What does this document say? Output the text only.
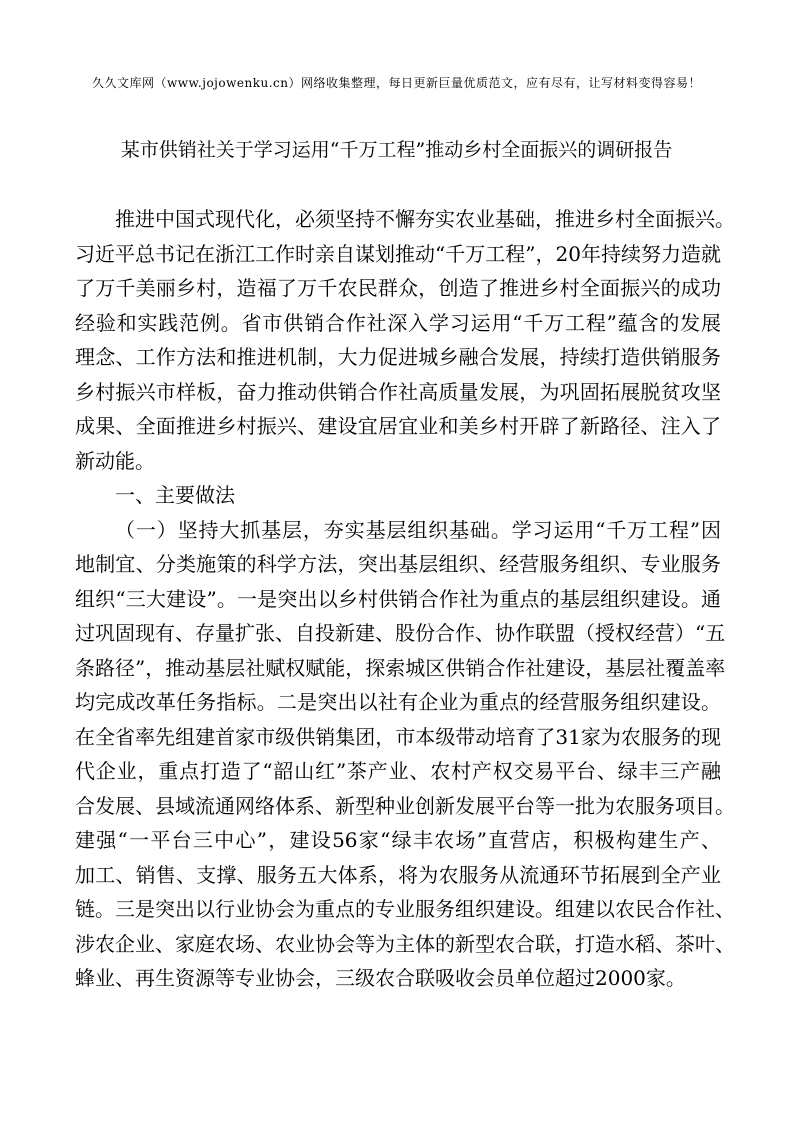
久久文库网（www.jojowenku.cn）网络收集整理，每日更新巨量优质范文，应有尽有，让写材料变得容易！
某市供销社关于学习运用“千万工程”推动乡村全面振兴的调研报告
推进中国式现代化，必须坚持不懈夯实农业基础，推进乡村全面振兴。
习近平总书记在浙江工作时亲自谋划推动“千万工程”，20年持续努力造就
了万千美丽乡村，造福了万千农民群众，创造了推进乡村全面振兴的成功
经验和实践范例。省市供销合作社深入学习运用“千万工程”蕴含的发展
理念、工作方法和推进机制，大力促进城乡融合发展，持续打造供销服务
乡村振兴市样板，奋力推动供销合作社高质量发展，为巩固拓展脱贫攻坚
成果、全面推进乡村振兴、建设宜居宜业和美乡村开辟了新路径、注入了
新动能。
一、主要做法
（一）坚持大抓基层，夯实基层组织基础。学习运用“千万工程”因
地制宜、分类施策的科学方法，突出基层组织、经营服务组织、专业服务
组织“三大建设”。一是突出以乡村供销合作社为重点的基层组织建设。通
过巩固现有、存量扩张、自投新建、股份合作、协作联盟（授权经营）“五
条路径”，推动基层社赋权赋能，探索城区供销合作社建设，基层社覆盖率
均完成改革任务指标。二是突出以社有企业为重点的经营服务组织建设。
在全省率先组建首家市级供销集团，市本级带动培育了31家为农服务的现
代企业，重点打造了“韶山红”茶产业、农村产权交易平台、绿丰三产融
合发展、县域流通网络体系、新型种业创新发展平台等一批为农服务项目。
建强“一平台三中心”，建设56家“绿丰农场”直营店，积极构建生产、
加工、销售、支撑、服务五大体系，将为农服务从流通环节拓展到全产业
链。三是突出以行业协会为重点的专业服务组织建设。组建以农民合作社、
涉农企业、家庭农场、农业协会等为主体的新型农合联，打造水稻、茶叶、
蜂业、再生资源等专业协会，三级农合联吸收会员单位超过2000家。
